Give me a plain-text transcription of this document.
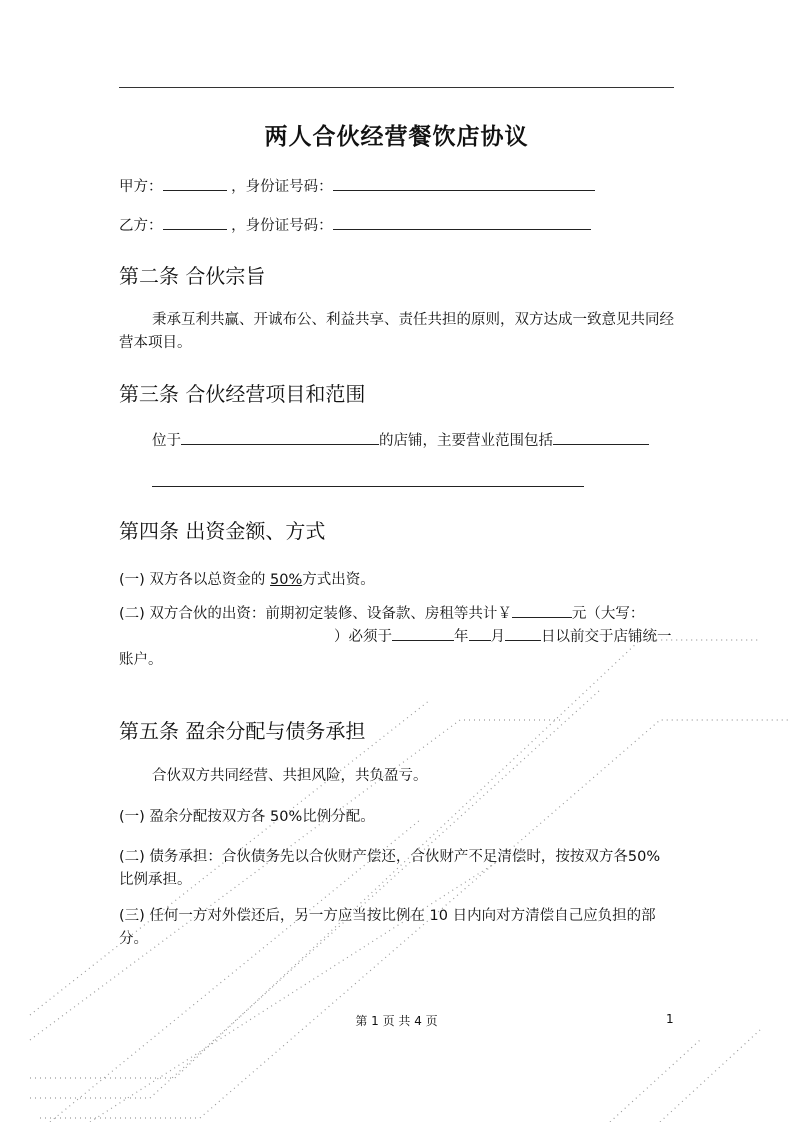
两人合伙经营餐饮店协议
甲方：	，身份证号码：
乙方：	，身份证号码：
第二条 合伙宗旨
秉承互利共赢、开诚布公、利益共享、责任共担的原则，双方达成一致意见共同经营本项目。
第三条 合伙经营项目和范围
位于	的店铺，主要营业范围包括
第四条 出资金额、方式
(一) 双方各以总资金的 50%方式出资。
(二) 双方合伙的出资：前期初定装修、设备款、房租等共计￥	元（大写：）必须于	年 月 日以前交于店铺统一账户。
第五条 盈余分配与债务承担
合伙双方共同经营、共担风险，共负盈亏。
(一) 盈余分配按双方各 50%比例分配。
(二) 债务承担：合伙债务先以合伙财产偿还，合伙财产不足清偿时，按按双方各50%比例承担。
(三) 任何一方对外偿还后，另一方应当按比例在 10 日内向对方清偿自己应负担的部分。
第 1 页 共 4 页	1
